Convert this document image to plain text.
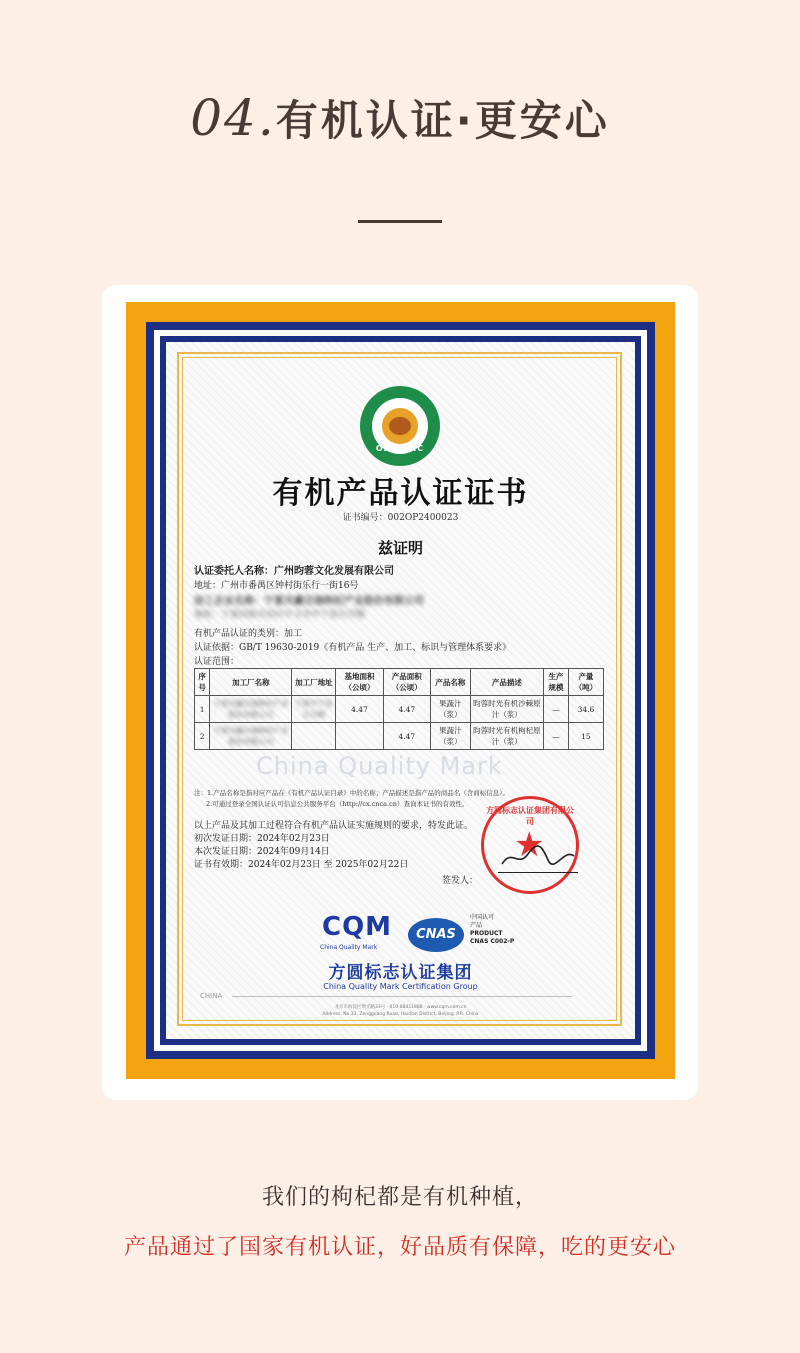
04.有机认证·更安心
ORGANIC
有机产品认证证书
证书编号：002OP2400023
兹证明
认证委托人名称：广州昀蓉文化发展有限公司
地址：广州市番禺区钟村街乐行一街16号
加工企业名称：宁夏共赢百瑞枸杞产业股份有限公司
地址：宁夏回族自治区中卫市中宁县石空镇
有机产品认证的类别：加工
认证依据：GB/T 19630-2019《有机产品 生产、加工、标识与管理体系要求》
认证范围：
China Quality Mark
序号	加工厂名称	加工厂地址	基地面积（公顷）	产品面积（公顷）	产品名称	产品描述	生产规模	产量（吨）
1	宁夏共赢百瑞枸杞产业股份有限公司	宁夏中宁县石空镇	4.47	4.47	果蔬汁（浆）	昀蓉时光有机沙棘原汁（浆）	—	34.6
2	宁夏共赢百瑞枸杞产业股份有限公司			4.47	果蔬汁（浆）	昀蓉时光有机枸杞原汁（浆）	—	15
注：1.产品名称是指对应产品在《有机产品认证目录》中的名称；产品描述是指产品的商品名（含商标信息）。
2.可通过登录全国认证认可信息公共服务平台（http://cx.cnca.cn）查询本证书的有效性。
以上产品及其加工过程符合有机产品认证实施规则的要求，特发此证。
初次发证日期：2024年02月23日
本次发证日期：2024年09月14日
证书有效期：2024年02月23日 至 2025年02月22日
签发人：
方圆标志认证集团有限公司
★
CQM
China Quality Mark
CNAS
中国认可
产品
PRODUCT
CNAS C002-P
方圆标志认证集团
China Quality Mark Certification Group
CHINA
北京市海淀区增光路33号 · 010-88411888 · www.cqm.com.cn
Address: No.33, Zengguang Road, Haidian District, Beijing, P.R. China
我们的枸杞都是有机种植，
产品通过了国家有机认证，好品质有保障，吃的更安心
